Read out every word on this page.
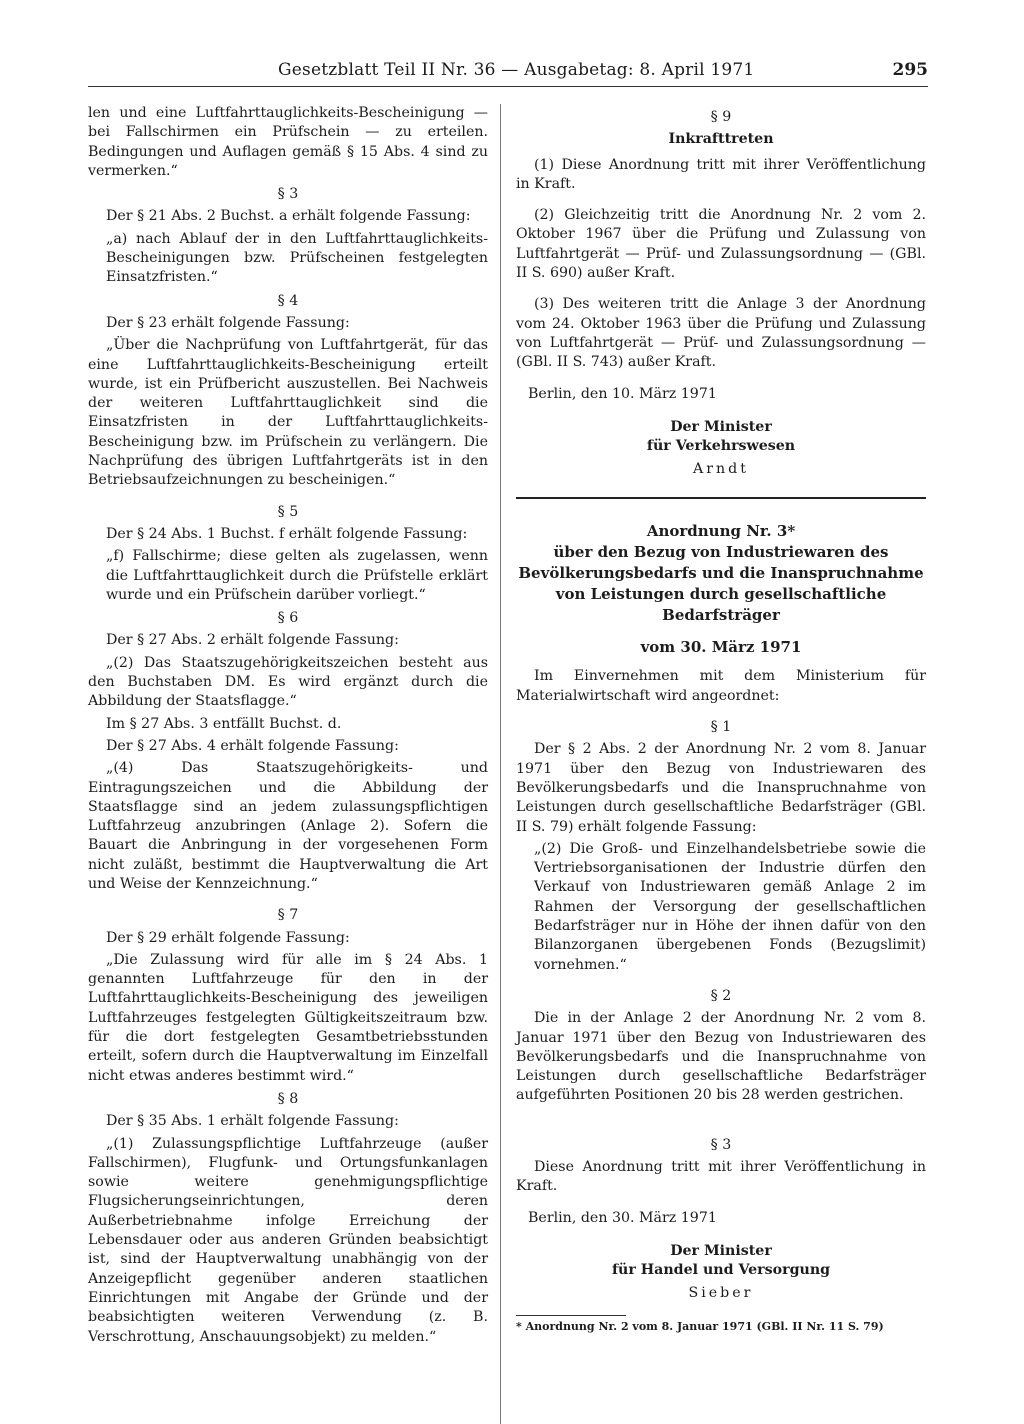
Gesetzblatt Teil II Nr. 36 — Ausgabetag: 8. April 1971	295

len und eine Luftfahrttauglichkeits-Bescheinigung — bei Fallschirmen ein Prüfschein — zu erteilen. Bedingungen und Auflagen gemäß § 15 Abs. 4 sind zu vermerken.“

§ 3

Der § 21 Abs. 2 Buchst. a erhält folgende Fassung:

„a) nach Ablauf der in den Luftfahrttauglichkeits-Bescheinigungen bzw. Prüfscheinen festgelegten Einsatzfristen.“

§ 4

Der § 23 erhält folgende Fassung:

„Über die Nachprüfung von Luftfahrtgerät, für das eine Luftfahrttauglichkeits-Bescheinigung erteilt wurde, ist ein Prüfbericht auszustellen. Bei Nachweis der weiteren Luftfahrttauglichkeit sind die Einsatzfristen in der Luftfahrttauglichkeits-Bescheinigung bzw. im Prüfschein zu verlängern. Die Nachprüfung des übrigen Luftfahrtgeräts ist in den Betriebsaufzeichnungen zu bescheinigen.“

§ 5

Der § 24 Abs. 1 Buchst. f erhält folgende Fassung:

„f) Fallschirme; diese gelten als zugelassen, wenn die Luftfahrttauglichkeit durch die Prüfstelle erklärt wurde und ein Prüfschein darüber vorliegt.“

§ 6

Der § 27 Abs. 2 erhält folgende Fassung:

„(2) Das Staatszugehörigkeitszeichen besteht aus den Buchstaben DM. Es wird ergänzt durch die Abbildung der Staatsflagge.“

Im § 27 Abs. 3 entfällt Buchst. d.

Der § 27 Abs. 4 erhält folgende Fassung:

„(4) Das Staatszugehörigkeits- und Eintragungszeichen und die Abbildung der Staatsflagge sind an jedem zulassungspflichtigen Luftfahrzeug anzubringen (Anlage 2). Sofern die Bauart die Anbringung in der vorgesehenen Form nicht zuläßt, bestimmt die Hauptverwaltung die Art und Weise der Kennzeichnung.“

§ 7

Der § 29 erhält folgende Fassung:

„Die Zulassung wird für alle im § 24 Abs. 1 genannten Luftfahrzeuge für den in der Luftfahrttauglichkeits-Bescheinigung des jeweiligen Luftfahrzeuges festgelegten Gültigkeitszeitraum bzw. für die dort festgelegten Gesamtbetriebsstunden erteilt, sofern durch die Hauptverwaltung im Einzelfall nicht etwas anderes bestimmt wird.“

§ 8

Der § 35 Abs. 1 erhält folgende Fassung:

„(1) Zulassungspflichtige Luftfahrzeuge (außer Fallschirmen), Flugfunk- und Ortungsfunkanlagen sowie weitere genehmigungspflichtige Flugsicherungseinrichtungen, deren Außerbetriebnahme infolge Erreichung der Lebensdauer oder aus anderen Gründen beabsichtigt ist, sind der Hauptverwaltung unabhängig von der Anzeigepflicht gegenüber anderen staatlichen Einrichtungen mit Angabe der Gründe und der beabsichtigten weiteren Verwendung (z. B. Verschrottung, Anschauungsobjekt) zu melden.“

§ 9

Inkrafttreten

(1) Diese Anordnung tritt mit ihrer Veröffentlichung in Kraft.

(2) Gleichzeitig tritt die Anordnung Nr. 2 vom 2. Oktober 1967 über die Prüfung und Zulassung von Luftfahrtgerät — Prüf- und Zulassungsordnung — (GBl. II S. 690) außer Kraft.

(3) Des weiteren tritt die Anlage 3 der Anordnung vom 24. Oktober 1963 über die Prüfung und Zulassung von Luftfahrtgerät — Prüf- und Zulassungsordnung — (GBl. II S. 743) außer Kraft.

Berlin, den 10. März 1971

Der Minister
für Verkehrswesen
Arndt
Anordnung Nr. 3*
über den Bezug von Industriewaren des
Bevölkerungsbedarfs und die Inanspruchnahme
von Leistungen durch gesellschaftliche Bedarfsträger
vom 30. März 1971

Im Einvernehmen mit dem Ministerium für Materialwirtschaft wird angeordnet:

§ 1

Der § 2 Abs. 2 der Anordnung Nr. 2 vom 8. Januar 1971 über den Bezug von Industriewaren des Bevölkerungsbedarfs und die Inanspruchnahme von Leistungen durch gesellschaftliche Bedarfsträger (GBl. II S. 79) erhält folgende Fassung:

„(2) Die Groß- und Einzelhandelsbetriebe sowie die Vertriebsorganisationen der Industrie dürfen den Verkauf von Industriewaren gemäß Anlage 2 im Rahmen der Versorgung der gesellschaftlichen Bedarfsträger nur in Höhe der ihnen dafür von den Bilanzorganen übergebenen Fonds (Bezugslimit) vornehmen.“

§ 2

Die in der Anlage 2 der Anordnung Nr. 2 vom 8. Januar 1971 über den Bezug von Industriewaren des Bevölkerungsbedarfs und die Inanspruchnahme von Leistungen durch gesellschaftliche Bedarfsträger aufgeführten Positionen 20 bis 28 werden gestrichen.

§ 3

Diese Anordnung tritt mit ihrer Veröffentlichung in Kraft.

Berlin, den 30. März 1971

Der Minister
für Handel und Versorgung
Sieber
* Anordnung Nr. 2 vom 8. Januar 1971 (GBl. II Nr. 11 S. 79)
